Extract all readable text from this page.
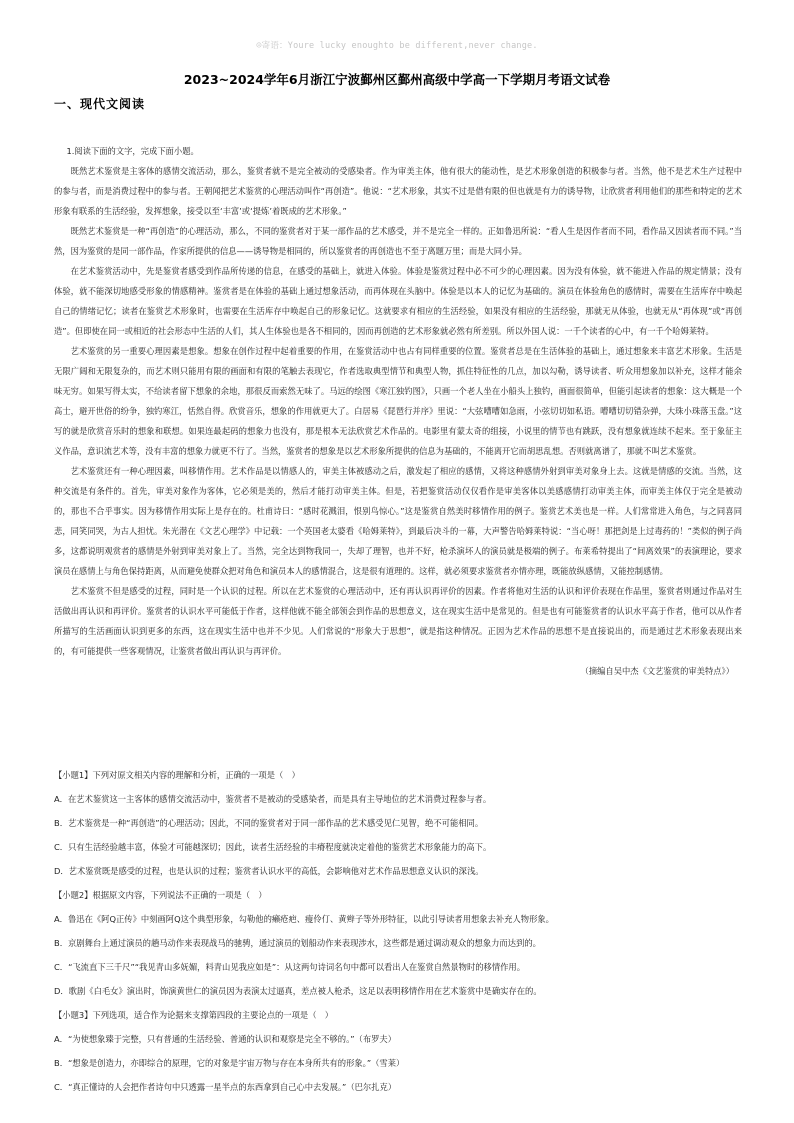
☺寄语：Youre lucky enoughto be different,never change.
2023~2024学年6月浙江宁波鄞州区鄞州高级中学高一下学期月考语文试卷
一、现代文阅读

1.阅读下面的文字，完成下面小题。

既然艺术鉴赏是主客体的感情交流活动，那么，鉴赏者就不是完全被动的受感染者。作为审美主体，他有很大的能动性，是艺术形象创造的积极参与者。当然，他不是艺术生产过程中的参与者，而是消费过程中的参与者。王朝闻把艺术鉴赏的心理活动叫作“再创造”。他说：“艺术形象，其实不过是借有限的但也就是有力的诱导物，让欣赏者利用他们的那些和特定的艺术形象有联系的生活经验，发挥想象，接受以至‘丰富’或‘提炼’着既成的艺术形象。”

既然艺术鉴赏是一种“再创造”的心理活动，那么，不同的鉴赏者对于某一部作品的艺术感受，并不是完全一样的。正如鲁迅所说：“看人生是因作者而不同，看作品又因读者而不同。”当然，因为鉴赏的是同一部作品，作家所提供的信息——诱导物是相同的，所以鉴赏者的再创造也不至于离题万里；而是大同小异。

在艺术鉴赏活动中，先是鉴赏者感受到作品所传递的信息，在感受的基础上，就进入体验。体验是鉴赏过程中必不可少的心理因素。因为没有体验，就不能进入作品的规定情景；没有体验，就不能深切地感受形象的情感精神。鉴赏者是在体验的基础上通过想象活动，而再体现在头脑中。体验是以本人的记忆为基础的。演员在体验角色的感情时，需要在生活库存中唤起自己的情绪记忆；读者在鉴赏艺术形象时，也需要在生活库存中唤起自己的形象记忆。这就要求有相应的生活经验，如果没有相应的生活经验，那就无从体验，也就无从“再体现”或“再创造”。但即使在同一或相近的社会形态中生活的人们，其人生体验也是各不相同的，因而再创造的艺术形象就必然有所差别。所以外国人说：一千个读者的心中，有一千个哈姆莱特。

艺术鉴赏的另一重要心理因素是想象。想象在创作过程中起着重要的作用，在鉴赏活动中也占有同样重要的位置。鉴赏者总是在生活体验的基础上，通过想象来丰富艺术形象。生活是无限广阔和无限复杂的，而艺术则只能用有限的画面和有限的笔触去表现它，作者选取典型情节和典型人物，抓住特征性的几点，加以勾勒，诱导读者、听众用想象加以补充，这样才能余味无穷。如果写得太实，不给读者留下想象的余地，那很反而索然无味了。马远的绘图《寒江独钓图》，只画一个老人坐在小船头上独钓，画面很简单，但能引起读者的想象：这大概是一个高士，避开世俗的纷争，独钓寒江，恬然自得。欣赏音乐，想象的作用就更大了。白居易《琵琶行并序》里说：“大弦嘈嘈如急雨，小弦切切如私语。嘈嘈切切错杂弹，大珠小珠落玉盘。”这写的就是欣赏音乐时的想象和联想。如果连最起码的想象力也没有，那是根本无法欣赏艺术作品的。电影里有蒙太奇的组接，小说里的情节也有跳跃，没有想象就连续不起来。至于象征主义作品，意识流艺术等，没有丰富的想象力就更不行了。当然，鉴赏者的想象是以艺术形象所提供的信息为基础的，不能离开它而胡思乱想。否则就离谱了，那就不叫艺术鉴赏。

艺术鉴赏还有一种心理因素，叫移情作用。艺术作品是以情感人的，审美主体被感动之后，激发起了相应的感情，又将这种感情外射到审美对象身上去。这就是情感的交流。当然，这种交流是有条件的。首先，审美对象作为客体，它必须是美的，然后才能打动审美主体。但是，若把鉴赏活动仅仅看作是审美客体以美感感情打动审美主体，而审美主体仅于完全是被动的，那也不合乎事实。因为移情作用实际上是存在的。杜甫诗曰：“感时花溅泪，恨别鸟惊心。”这是鉴赏自然美时移情作用的例子。鉴赏艺术美也是一样。人们常常进入角色，与之同喜同悲，同笑同哭，为古人担忧。朱光潜在《文艺心理学》中记载：一个英国老太婆看《哈姆莱特》，到最后决斗的一幕，大声警告哈姆莱特说：“当心呀！那把剑是上过毒药的！”类似的例子尚多，这都说明观赏者的感情是外射到审美对象上了。当然，完全达到物我同一，失却了理智，也并不好，枪杀演坏人的演员就是极端的例子。布莱希特提出了“间离效果”的表演理论，要求演员在感情上与角色保持距离，从而避免使群众把对角色和演员本人的感情混合，这是很有道理的。这样，就必须要求鉴赏者亦情亦理，既能放纵感情，又能控制感情。

艺术鉴赏不但是感受的过程，同时是一个认识的过程。所以在艺术鉴赏的心理活动中，还有再认识再评价的因素。作者将他对生活的认识和评价表现在作品里，鉴赏者则通过作品对生活做出再认识和再评价。鉴赏者的认识水平可能低于作者，这样他就不能全部领会到作品的思想意义，这在现实生活中是常见的。但是也有可能鉴赏者的认识水平高于作者，他可以从作者所描写的生活画面认识到更多的东西，这在现实生活中也并不少见。人们常说的“形象大于思想”，就是指这种情况。正因为艺术作品的思想不是直接说出的，而是通过艺术形象表现出来的，有可能提供一些客观情况，让鉴赏者做出再认识与再评价。

（摘编自吴中杰《文艺鉴赏的审美特点》）

【小题1】下列对原文相关内容的理解和分析，正确的一项是（　）

A．在艺术鉴赏这一主客体的感情交流活动中，鉴赏者不是被动的受感染者，而是具有主导地位的艺术消费过程参与者。

B．艺术鉴赏是一种“再创造”的心理活动；因此，不同的鉴赏者对于同一部作品的艺术感受见仁见智，绝不可能相同。

C．只有生活经验越丰富，体验才可能越深切；因此，读者生活经验的丰瘠程度就决定着他的鉴赏艺术形象能力的高下。

D．艺术鉴赏既是感受的过程，也是认识的过程；鉴赏者认识水平的高低，会影响他对艺术作品思想意义认识的深浅。

【小题2】根据原文内容，下列说法不正确的一项是（　）

A．鲁迅在《阿Q正传》中刻画阿Q这个典型形象，勾勒他的癞疮疤、瘦伶仃、黄辫子等外形特征，以此引导读者用想象去补充人物形象。

B．京剧舞台上通过演员的趟马动作来表现战马的驰骋，通过演员的划船动作来表现涉水，这些都是通过调动观众的想象力而达到的。

C．“飞流直下三千尺”“我见青山多妩媚，料青山见我应如是”：从这两句诗词名句中都可以看出人在鉴赏自然景物时的移情作用。

D．歌剧《白毛女》演出时，饰演黄世仁的演员因为表演太过逼真，差点被人枪杀，这足以表明移情作用在艺术鉴赏中是确实存在的。

【小题3】下列选项，适合作为论据来支撑第四段的主要论点的一项是（　）

A．“为使想象臻于完整，只有普通的生活经验、普通的认识和观察是完全不够的。”（布罗夫）

B．“想象是创造力，亦即综合的原理，它的对象是宇宙万物与存在本身所共有的形象。”（雪莱）

C．“真正懂诗的人会把作者诗句中只透露一星半点的东西拿到自己心中去发展。”（巴尔扎克）
